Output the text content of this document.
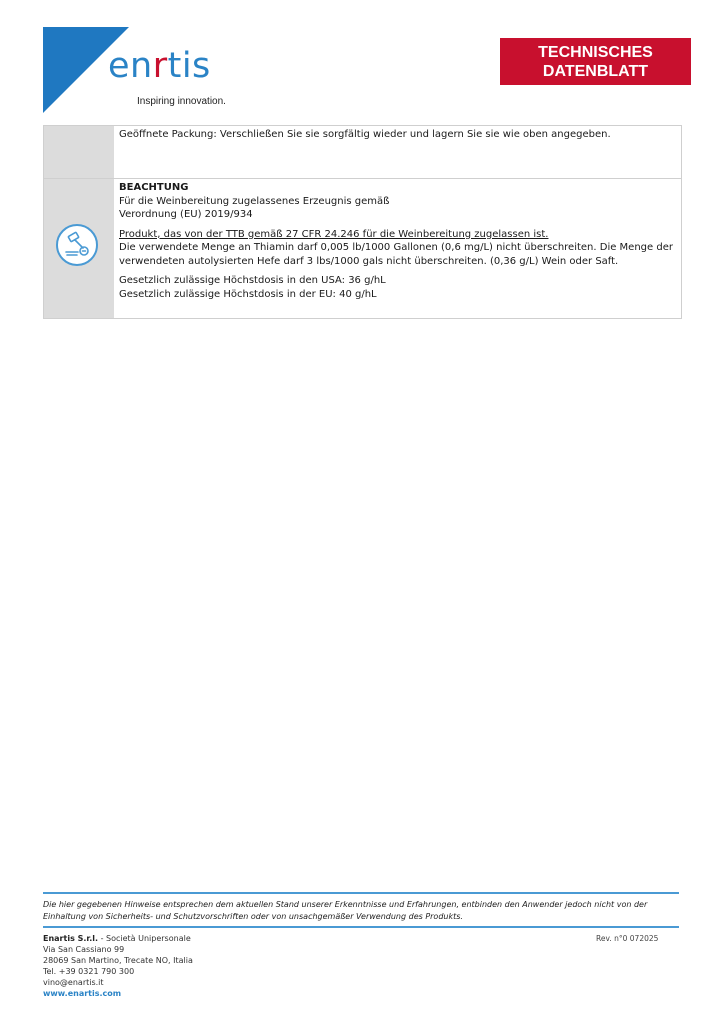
enrtis
Inspiring innovation.
TECHNISCHES
DATENBLATT

Geöffnete Packung: Verschließen Sie sie sorgfältig wieder und lagern Sie sie wie oben angegeben.

BEACHTUNG

Für die Weinbereitung zugelassenes Erzeugnis gemäß

Verordnung (EU) 2019/934

Produkt, das von der TTB gemäß 27 CFR 24.246 für die Weinbereitung zugelassen ist.

Die verwendete Menge an Thiamin darf 0,005 lb/1000 Gallonen (0,6 mg/L) nicht überschreiten. Die Menge der verwendeten autolysierten Hefe darf 3 lbs/1000 gals nicht überschreiten. (0,36 g/L) Wein oder Saft.

Gesetzlich zulässige Höchstdosis in den USA: 36 g/hL

Gesetzlich zulässige Höchstdosis in der EU: 40 g/hL

Die hier gegebenen Hinweise entsprechen dem aktuellen Stand unserer Erkenntnisse und Erfahrungen, entbinden den Anwender jedoch nicht von der Einhaltung von Sicherheits- und Schutzvorschriften oder von unsachgemäßer Verwendung des Produkts.
Enartis S.r.l. - Società Unipersonale
Via San Cassiano 99
28069 San Martino, Trecate NO, Italia
Tel. +39 0321 790 300
vino@enartis.it
www.enartis.com
Rev. n°0 072025
